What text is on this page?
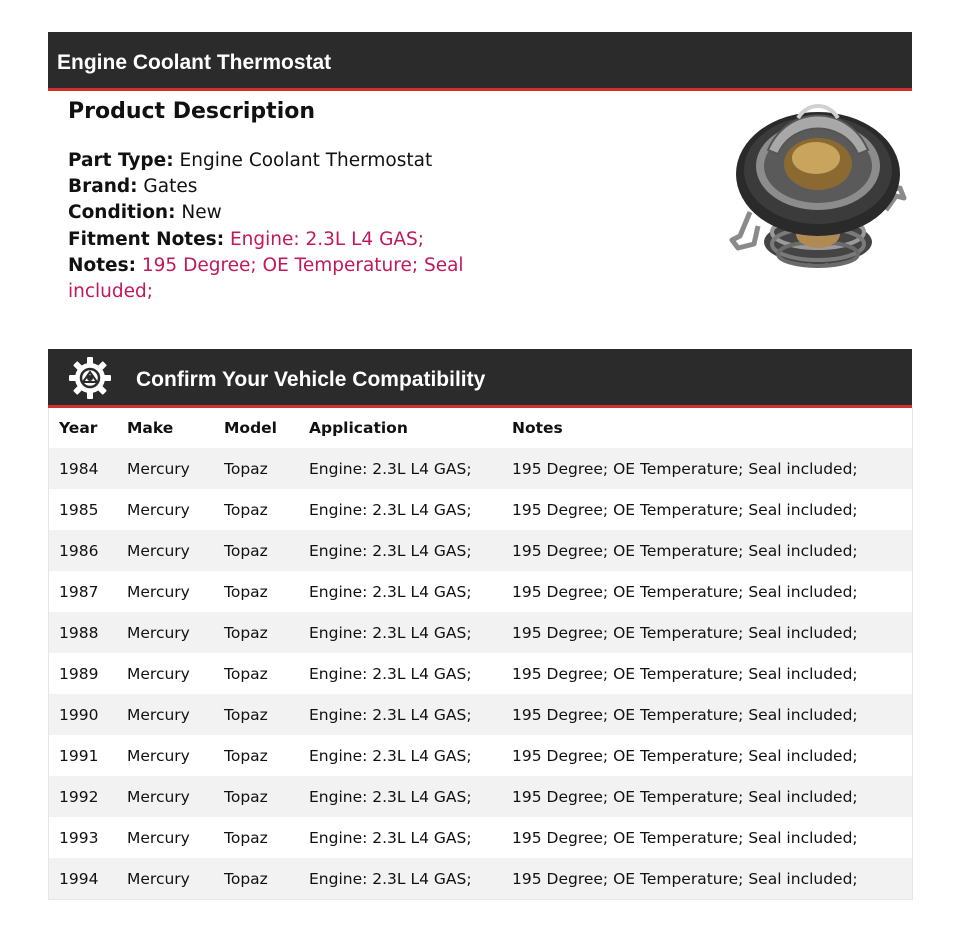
Engine Coolant Thermostat
Product Description
Part Type: Engine Coolant Thermostat
Brand: Gates
Condition: New
Fitment Notes: Engine: 2.3L L4 GAS;
Notes: 195 Degree; OE Temperature; Seal included;
Confirm Your Vehicle Compatibility
Year	Make	Model	Application	Notes
1984	Mercury	Topaz	Engine: 2.3L L4 GAS;	195 Degree; OE Temperature; Seal included;
1985	Mercury	Topaz	Engine: 2.3L L4 GAS;	195 Degree; OE Temperature; Seal included;
1986	Mercury	Topaz	Engine: 2.3L L4 GAS;	195 Degree; OE Temperature; Seal included;
1987	Mercury	Topaz	Engine: 2.3L L4 GAS;	195 Degree; OE Temperature; Seal included;
1988	Mercury	Topaz	Engine: 2.3L L4 GAS;	195 Degree; OE Temperature; Seal included;
1989	Mercury	Topaz	Engine: 2.3L L4 GAS;	195 Degree; OE Temperature; Seal included;
1990	Mercury	Topaz	Engine: 2.3L L4 GAS;	195 Degree; OE Temperature; Seal included;
1991	Mercury	Topaz	Engine: 2.3L L4 GAS;	195 Degree; OE Temperature; Seal included;
1992	Mercury	Topaz	Engine: 2.3L L4 GAS;	195 Degree; OE Temperature; Seal included;
1993	Mercury	Topaz	Engine: 2.3L L4 GAS;	195 Degree; OE Temperature; Seal included;
1994	Mercury	Topaz	Engine: 2.3L L4 GAS;	195 Degree; OE Temperature; Seal included;
